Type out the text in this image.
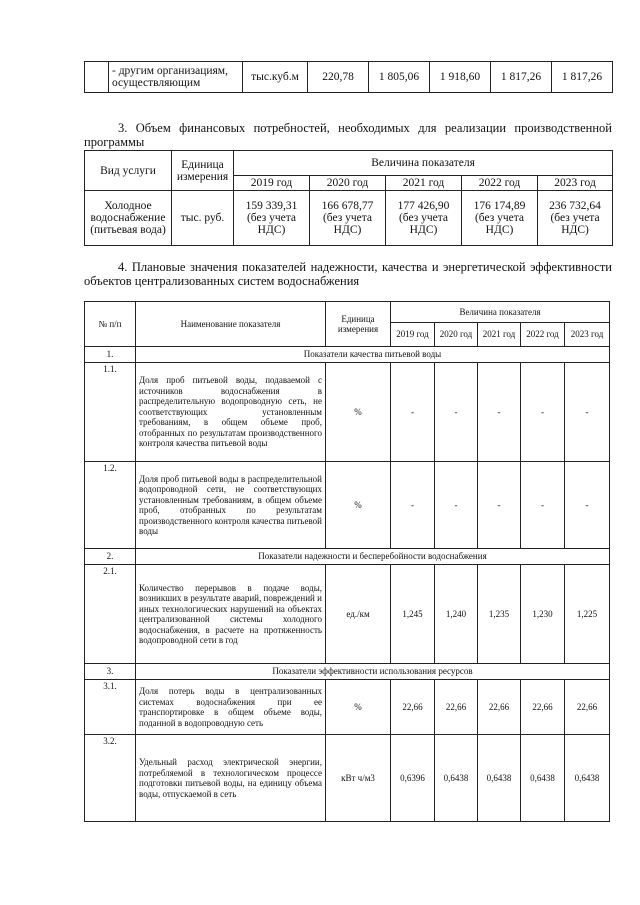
	- другим организациям, осуществляющим	тыс.куб.м	220,78	1 805,06	1 918,60	1 817,26	1 817,26
3. Объем финансовых потребностей, необходимых для реализации производственной программы
Вид услуги	Единица измерения	Величина показателя				
		2019 год	2020 год	2021 год	2022 год	2023 год
Холодное водоснабжение (питьевая вода)	тыс. руб.	159 339,31 (без учета НДС)	166 678,77 (без учета НДС)	177 426,90 (без учета НДС)	176 174,89 (без учета НДС)	236 732,64 (без учета НДС)
4. Плановые значения показателей надежности, качества и энергетической эффективности объектов централизованных систем водоснабжения
№ п/п	Наименование показателя	Единица измерения	Величина показателя				
			2019 год	2020 год	2021 год	2022 год	2023 год
1.	Показатели качества питьевой воды						
1.1.	Доля проб питьевой воды, подаваемой с источников водоснабжения в распределительную водопроводную сеть, не соответствующих установленным требованиям, в общем объеме проб, отобранных по результатам производственного контроля качества питьевой воды	%	-	-	-	-	-
1.2.	Доля проб питьевой воды в распределительной водопроводной сети, не соответствующих установленным требованиям, в общем объеме проб, отобранных по результатам производственного контроля качества питьевой воды	%	-	-	-	-	-
2.	Показатели надежности и бесперебойности водоснабжения						
2.1.	Количество перерывов в подаче воды, возникших в результате аварий, повреждений и иных технологических нарушений на объектах централизованной системы холодного водоснабжения, в расчете на протяженность водопроводной сети в год	ед./км	1,245	1,240	1,235	1,230	1,225
3.	Показатели эффективности использования ресурсов						
3.1.	Доля потерь воды в централизованных системах водоснабжения при ее транспортировке в общем объеме воды, поданной в водопроводную сеть	%	22,66	22,66	22,66	22,66	22,66
3.2.	Удельный расход электрической энергии, потребляемой в технологическом процессе подготовки питьевой воды, на единицу объема воды, отпускаемой в сеть	кВт ч/м3	0,6396	0,6438	0,6438	0,6438	0,6438
